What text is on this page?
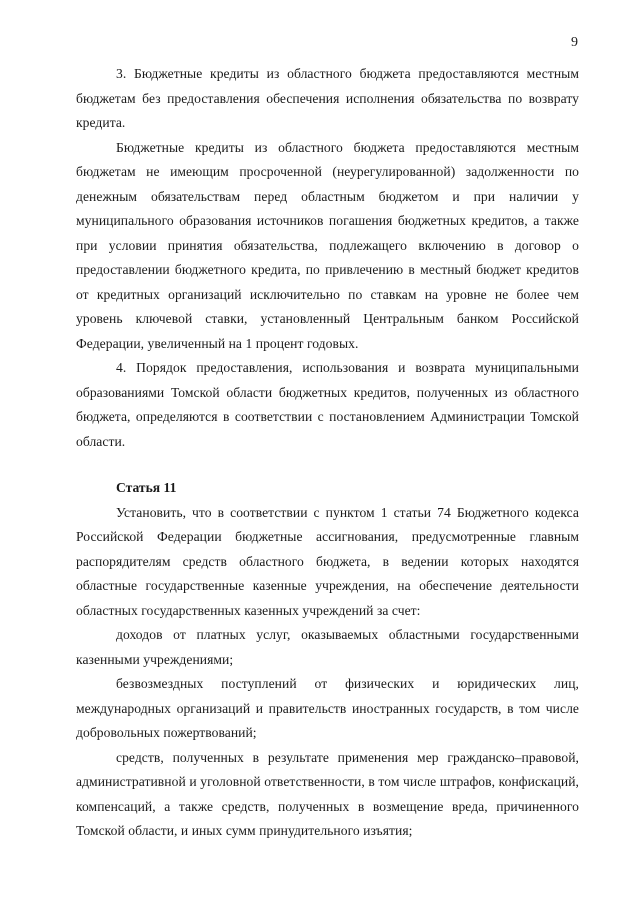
9

3. Бюджетные кредиты из областного бюджета предоставляются местным бюджетам без предоставления обеспечения исполнения обязательства по возврату кредита.

Бюджетные кредиты из областного бюджета предоставляются местным бюджетам не имеющим просроченной (неурегулированной) задолженности по денежным обязательствам перед областным бюджетом и при наличии у муниципального образования источников погашения бюджетных кредитов, а также при условии принятия обязательства, подлежащего включению в договор о предоставлении бюджетного кредита, по привлечению в местный бюджет кредитов от кредитных организаций исключительно по ставкам на уровне не более чем уровень ключевой ставки, установленный Центральным банком Российской Федерации, увеличенный на 1 процент годовых.

4. Порядок предоставления, использования и возврата муниципальными образованиями Томской области бюджетных кредитов, полученных из областного бюджета, определяются в соответствии с постановлением Администрации Томской области.

Статья 11

Установить, что в соответствии с пунктом 1 статьи 74 Бюджетного кодекса Российской Федерации бюджетные ассигнования, предусмотренные главным распорядителям средств областного бюджета, в ведении которых находятся областные государственные казенные учреждения, на обеспечение деятельности областных государственных казенных учреждений за счет:

доходов от платных услуг, оказываемых областными государственными казенными учреждениями;

безвозмездных поступлений от физических и юридических лиц, международных организаций и правительств иностранных государств, в том числе добровольных пожертвований;

средств, полученных в результате применения мер гражданско–правовой, административной и уголовной ответственности, в том числе штрафов, конфискаций, компенсаций, а также средств, полученных в возмещение вреда, причиненного Томской области, и иных сумм принудительного изъятия;
